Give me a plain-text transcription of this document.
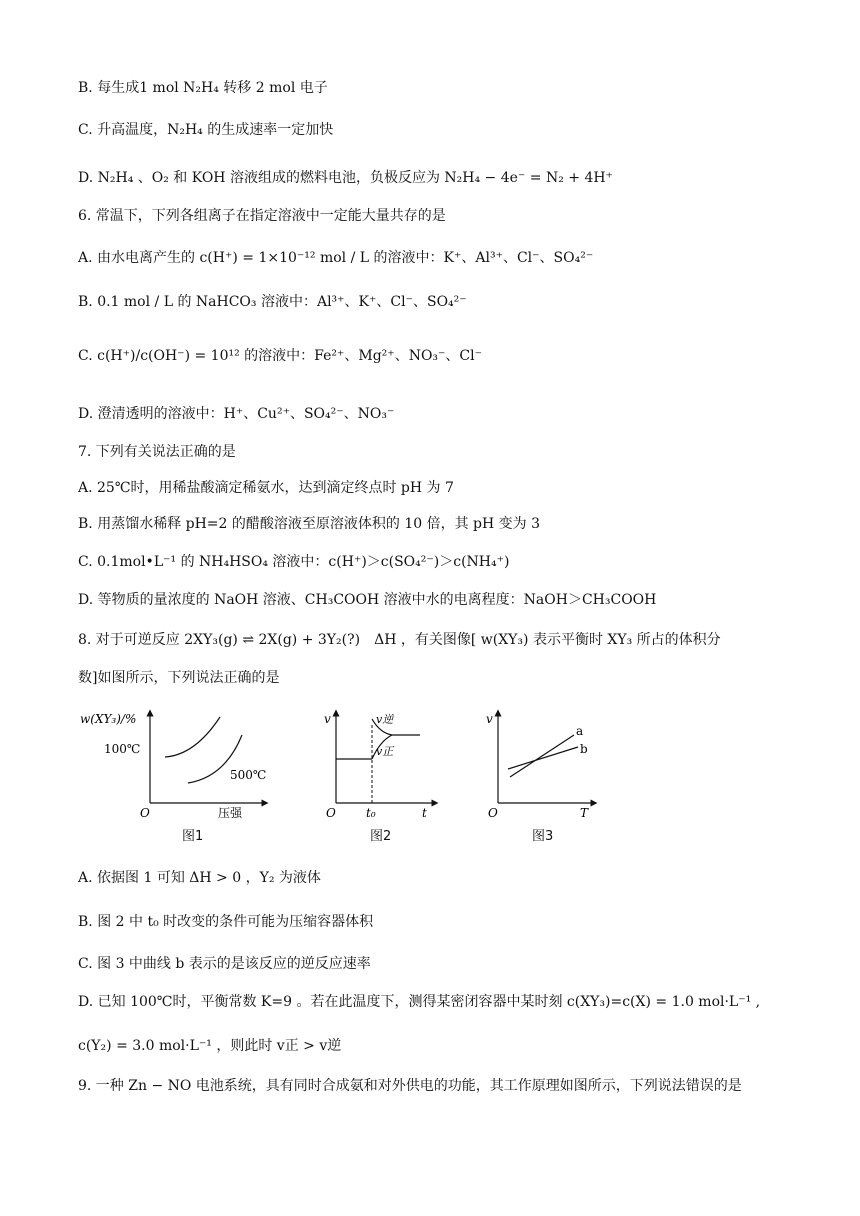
B. 每生成1 mol N₂H₄ 转移 2 mol 电子
C. 升高温度，N₂H₄ 的生成速率一定加快
D. N₂H₄ 、O₂ 和 KOH 溶液组成的燃料电池，负极反应为 N₂H₄ − 4e⁻ = N₂ + 4H⁺
6. 常温下，下列各组离子在指定溶液中一定能大量共存的是
A. 由水电离产生的 c(H⁺) = 1×10⁻¹² mol / L 的溶液中：K⁺、Al³⁺、Cl⁻、SO₄²⁻
B. 0.1 mol / L 的 NaHCO₃ 溶液中：Al³⁺、K⁺、Cl⁻、SO₄²⁻
C. c(H⁺)/c(OH⁻) = 10¹² 的溶液中：Fe²⁺、Mg²⁺、NO₃⁻、Cl⁻
D. 澄清透明的溶液中：H⁺、Cu²⁺、SO₄²⁻、NO₃⁻
7. 下列有关说法正确的是
A. 25℃时，用稀盐酸滴定稀氨水，达到滴定终点时 pH 为 7
B. 用蒸馏水稀释 pH=2 的醋酸溶液至原溶液体积的 10 倍，其 pH 变为 3
C. 0.1mol•L⁻¹ 的 NH₄HSO₄ 溶液中：c(H⁺)＞c(SO₄²⁻)＞c(NH₄⁺)
D. 等物质的量浓度的 NaOH 溶液、CH₃COOH 溶液中水的电离程度：NaOH＞CH₃COOH
8. 对于可逆反应 2XY₃(g) ⇌ 2X(g) + 3Y₂(?)　ΔH ，有关图像[ w(XY₃) 表示平衡时 XY₃ 所占的体积分
数]如图所示，下列说法正确的是
w(XY₃)/%
100℃
500℃
O	压强
图1
v	v逆
v正
O	t₀	t
图2
v
a
b
O	T
图3
A. 依据图 1 可知 ΔH > 0 ，Y₂ 为液体
B. 图 2 中 t₀ 时改变的条件可能为压缩容器体积
C. 图 3 中曲线 b 表示的是该反应的逆反应速率
D. 已知 100℃时，平衡常数 K=9 。若在此温度下，测得某密闭容器中某时刻 c(XY₃)=c(X) = 1.0 mol·L⁻¹ ,
c(Y₂) = 3.0 mol·L⁻¹ ，则此时 v正 > v逆
9. 一种 Zn − NO 电池系统，具有同时合成氨和对外供电的功能，其工作原理如图所示，下列说法错误的是
